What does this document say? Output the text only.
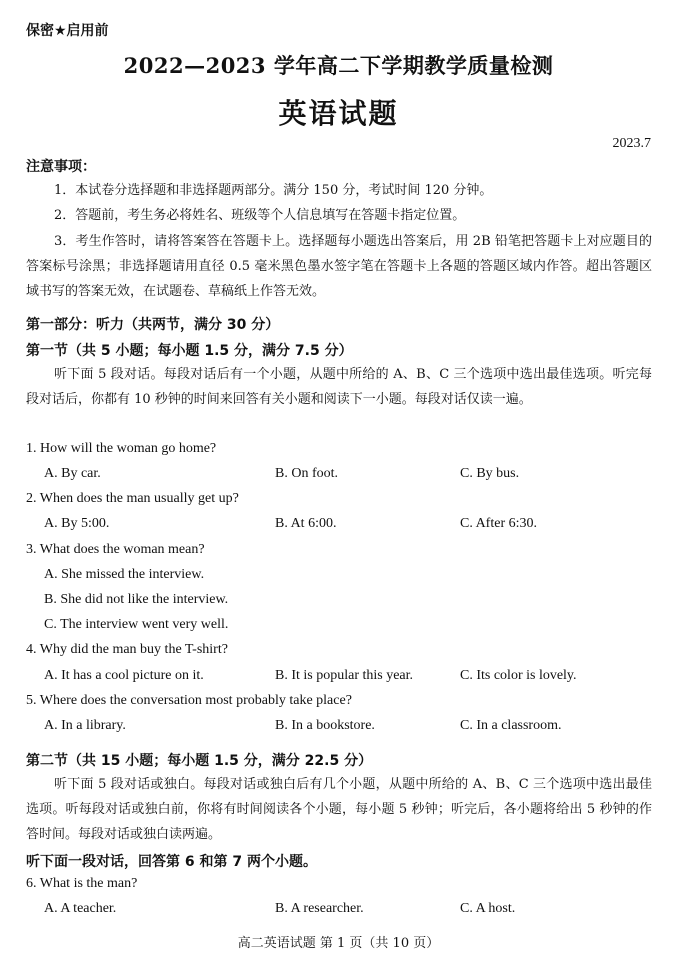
保密★启用前
2022—2023 学年高二下学期教学质量检测
英语试题
2023.7
注意事项：
1．本试卷分选择题和非选择题两部分。满分 150 分，考试时间 120 分钟。
2．答题前，考生务必将姓名、班级等个人信息填写在答题卡指定位置。
3．考生作答时，请将答案答在答题卡上。选择题每小题选出答案后，用 2B 铅笔把答题卡上对应题目的答案标号涂黑；非选择题请用直径 0.5 毫米黑色墨水签字笔在答题卡上各题的答题区域内作答。超出答题区域书写的答案无效，在试题卷、草稿纸上作答无效。
第一部分：听力（共两节，满分 30 分）
第一节（共 5 小题；每小题 1.5 分，满分 7.5 分）
听下面 5 段对话。每段对话后有一个小题，从题中所给的 A、B、C 三个选项中选出最佳选项。听完每段对话后，你都有 10 秒钟的时间来回答有关小题和阅读下一小题。每段对话仅读一遍。
1. How will the woman go home?
A. By car.	B. On foot.	C. By bus.
2. When does the man usually get up?
A. By 5:00.	B. At 6:00.	C. After 6:30.
3. What does the woman mean?
A. She missed the interview.
B. She did not like the interview.
C. The interview went very well.
4. Why did the man buy the T-shirt?
A. It has a cool picture on it.	B. It is popular this year.	C. Its color is lovely.
5. Where does the conversation most probably take place?
A. In a library.	B. In a bookstore.	C. In a classroom.
第二节（共 15 小题；每小题 1.5 分，满分 22.5 分）
听下面 5 段对话或独白。每段对话或独白后有几个小题，从题中所给的 A、B、C 三个选项中选出最佳选项。听每段对话或独白前，你将有时间阅读各个小题，每小题 5 秒钟；听完后，各小题将给出 5 秒钟的作答时间。每段对话或独白读两遍。
听下面一段对话，回答第 6 和第 7 两个小题。
6. What is the man?
A. A teacher.	B. A researcher.	C. A host.
高二英语试题 第 1 页（共 10 页）
